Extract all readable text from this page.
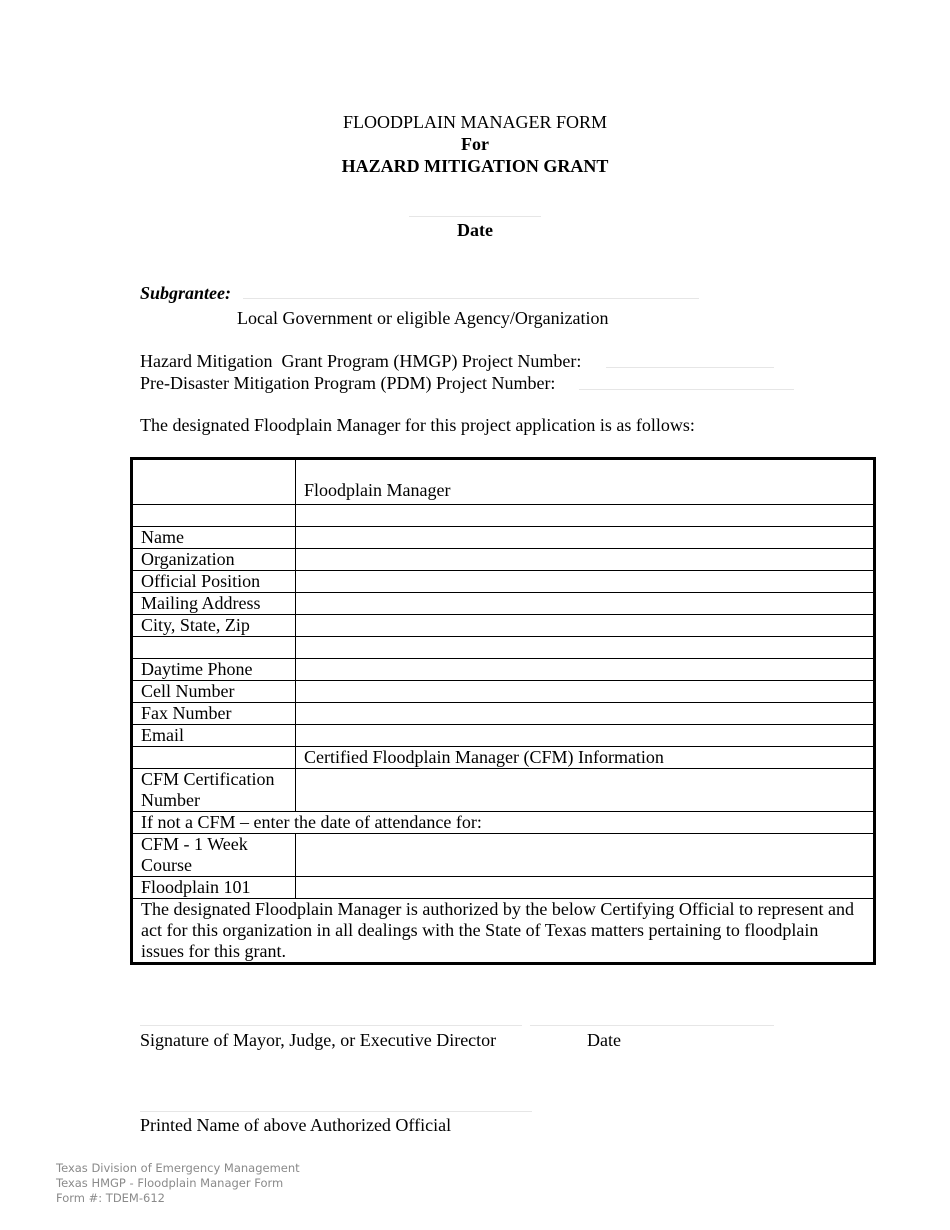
FLOODPLAIN MANAGER FORM
For
HAZARD MITIGATION GRANT
Date
Subgrantee:
Local Government or eligible Agency/Organization
Hazard Mitigation  Grant Program (HMGP) Project Number:
Pre-Disaster Mitigation Program (PDM) Project Number:
The designated Floodplain Manager for this project application is as follows:
	Floodplain Manager

Name	
Organization	
Official Position	
Mailing Address	
City, State, Zip	

Daytime Phone	
Cell Number	
Fax Number	
Email	
	Certified Floodplain Manager (CFM) Information
CFM Certification
Number	
If not a CFM – enter the date of attendance for:	
CFM - 1 Week
Course	
Floodplain 101	
The designated Floodplain Manager is authorized by the below Certifying Official to represent and act for this organization in all dealings with the State of Texas matters pertaining to floodplain issues for this grant.	
Signature of Mayor, Judge, or Executive Director	Date
Printed Name of above Authorized Official
Texas Division of Emergency Management
Texas HMGP - Floodplain Manager Form
Form #: TDEM-612
